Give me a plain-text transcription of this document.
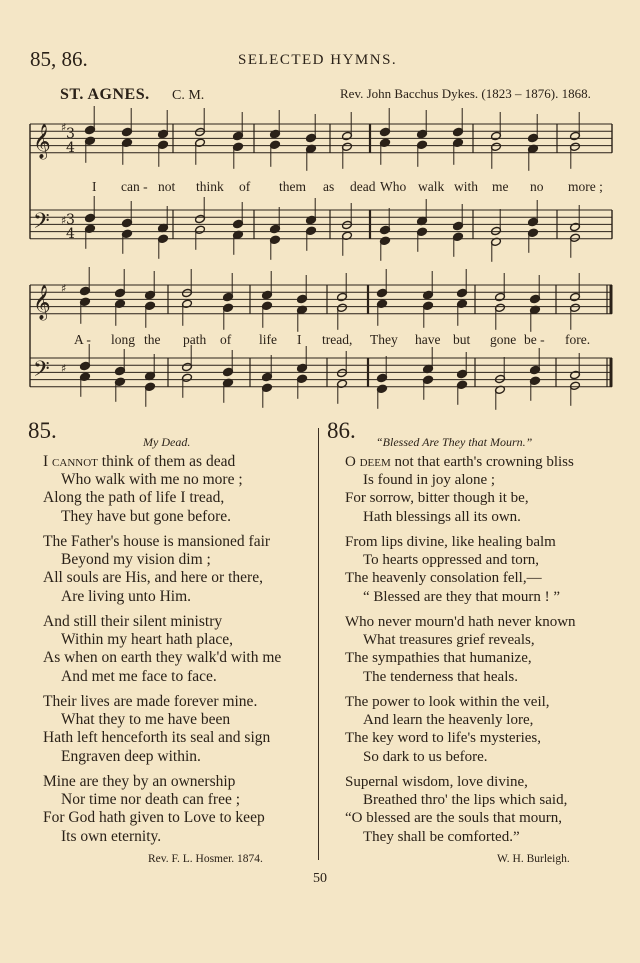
85, 86.	SELECTED HYMNS.
ST. AGNES. C. M.	Rev. John Bacchus Dykes. (1823 – 1876). 1868.
𝄞
𝄢
♯
♯
3
4
3
4
𝄞
𝄢
♯
♯
I can - not think of them as dead Who walk with me no more ;
A - long the path of life I tread, They have but gone be - fore.
85.	My Dead.
I cannot think of them as dead
Who walk with me no more ;
Along the path of life I tread,
They have but gone before.
The Father's house is mansioned fair
Beyond my vision dim ;
All souls are His, and here or there,
Are living unto Him.
And still their silent ministry
Within my heart hath place,
As when on earth they walk'd with me
And met me face to face.
Their lives are made forever mine.
What they to me have been
Hath left henceforth its seal and sign
Engraven deep within.
Mine are they by an ownership
Nor time nor death can free ;
For God hath given to Love to keep
Its own eternity.
Rev. F. L. Hosmer. 1874.
86. “Blessed Are They that Mourn.”
O deem not that earth's crowning bliss
Is found in joy alone ;
For sorrow, bitter though it be,
Hath blessings all its own.
From lips divine, like healing balm
To hearts oppressed and torn,
The heavenly consolation fell,—
“ Blessed are they that mourn ! ”
Who never mourn'd hath never known
What treasures grief reveals,
The sympathies that humanize,
The tenderness that heals.
The power to look within the veil,
And learn the heavenly lore,
The key word to life's mysteries,
So dark to us before.
Supernal wisdom, love divine,
Breathed thro' the lips which said,
“O blessed are the souls that mourn,
They shall be comforted.”
W. H. Burleigh.
50
